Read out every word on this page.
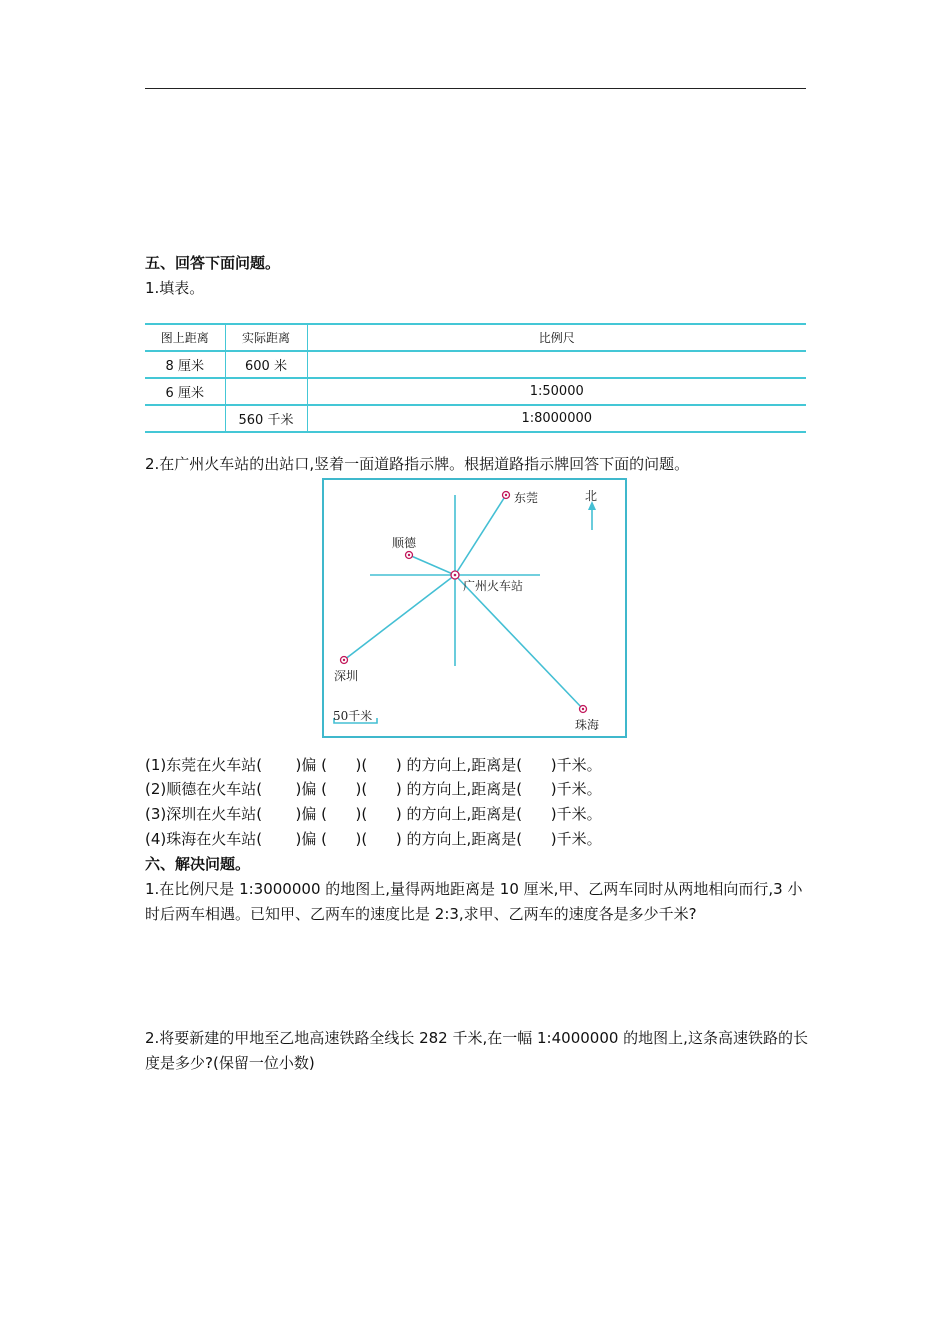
五、回答下面问题。
1.填表。
图上距离	实际距离	比例尺
8 厘米	600 米	
6 厘米		1:50000
	560 千米	1:8000000
2.在广州火车站的出站口,竖着一面道路指示牌。根据道路指示牌回答下面的问题。
北
广州火车站
东莞
顺德
深圳
珠海
50千米
(1)东莞在火车站(       )偏 (      )(      ) 的方向上,距离是(      )千米。
(2)顺德在火车站(       )偏 (      )(      ) 的方向上,距离是(      )千米。
(3)深圳在火车站(       )偏 (      )(      ) 的方向上,距离是(      )千米。
(4)珠海在火车站(       )偏 (      )(      ) 的方向上,距离是(      )千米。
六、解决问题。
1.在比例尺是 1:3000000 的地图上,量得两地距离是 10 厘米,甲、乙两车同时从两地相向而行,3 小时后两车相遇。已知甲、乙两车的速度比是 2:3,求甲、乙两车的速度各是多少千米?
2.将要新建的甲地至乙地高速铁路全线长 282 千米,在一幅 1:4000000 的地图上,这条高速铁路的长度是多少?(保留一位小数)
